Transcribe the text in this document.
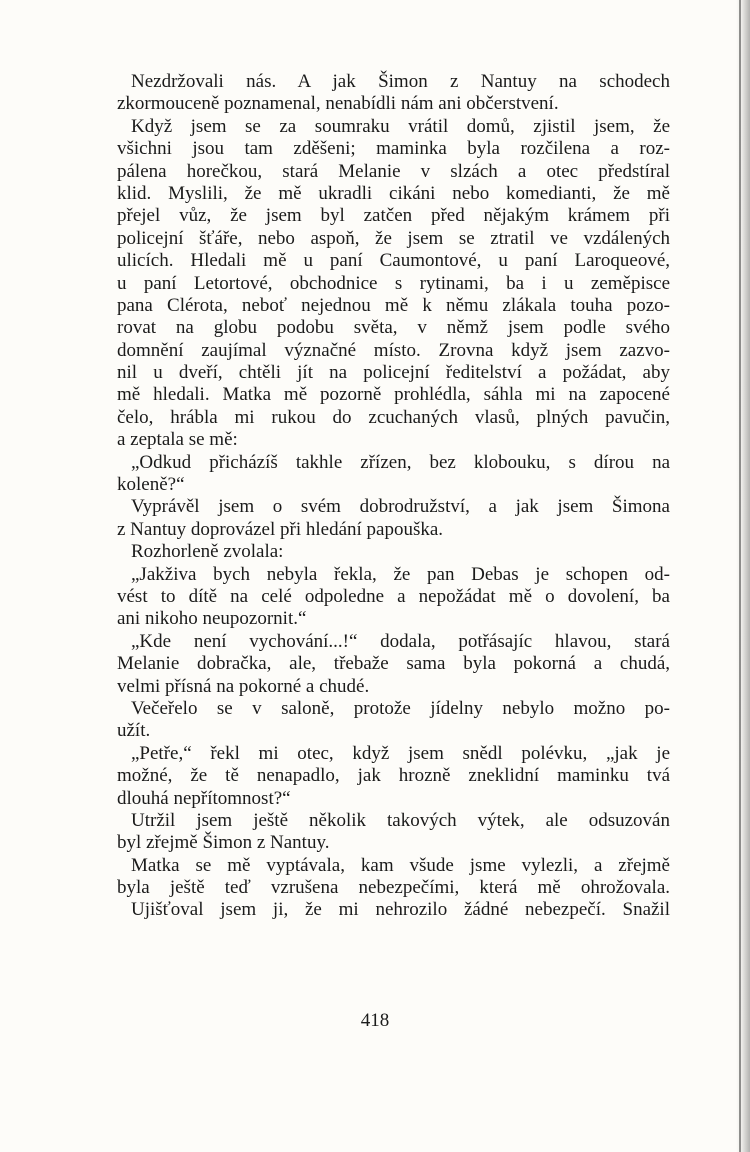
Nezdržovali nás. A jak Šimon z Nantuy na schodech
zkormouceně poznamenal, nenabídli nám ani občerstvení.
Když jsem se za soumraku vrátil domů, zjistil jsem, že
všichni jsou tam zděšeni; maminka byla rozčilena a roz-
pálena horečkou, stará Melanie v slzách a otec předstíral
klid. Myslili, že mě ukradli cikáni nebo komedianti, že mě
přejel vůz, že jsem byl zatčen před nějakým krámem při
policejní šťáře, nebo aspoň, že jsem se ztratil ve vzdálených
ulicích. Hledali mě u paní Caumontové, u paní Laroqueové,
u paní Letortové, obchodnice s rytinami, ba i u zeměpisce
pana Clérota, neboť nejednou mě k němu zlákala touha pozo-
rovat na globu podobu světa, v němž jsem podle svého
domnění zaujímal význačné místo. Zrovna když jsem zazvo-
nil u dveří, chtěli jít na policejní ředitelství a požádat, aby
mě hledali. Matka mě pozorně prohlédla, sáhla mi na zapocené
čelo, hrábla mi rukou do zcuchaných vlasů, plných pavučin,
a zeptala se mě:
„Odkud přicházíš takhle zřízen, bez klobouku, s dírou na
koleně?“
Vyprávěl jsem o svém dobrodružství, a jak jsem Šimona
z Nantuy doprovázel při hledání papouška.
Rozhorleně zvolala:
„Jakživa bych nebyla řekla, že pan Debas je schopen od-
vést to dítě na celé odpoledne a nepožádat mě o dovolení, ba
ani nikoho neupozornit.“
„Kde není vychování...!“ dodala, potřásajíc hlavou, stará
Melanie dobračka, ale, třebaže sama byla pokorná a chudá,
velmi přísná na pokorné a chudé.
Večeřelo se v saloně, protože jídelny nebylo možno po-
užít.
„Petře,“ řekl mi otec, když jsem snědl polévku, „jak je
možné, že tě nenapadlo, jak hrozně zneklidní maminku tvá
dlouhá nepřítomnost?“
Utržil jsem ještě několik takových výtek, ale odsuzován
byl zřejmě Šimon z Nantuy.
Matka se mě vyptávala, kam všude jsme vylezli, a zřejmě
byla ještě teď vzrušena nebezpečími, která mě ohrožovala.
Ujišťoval jsem ji, že mi nehrozilo žádné nebezpečí. Snažil
418
